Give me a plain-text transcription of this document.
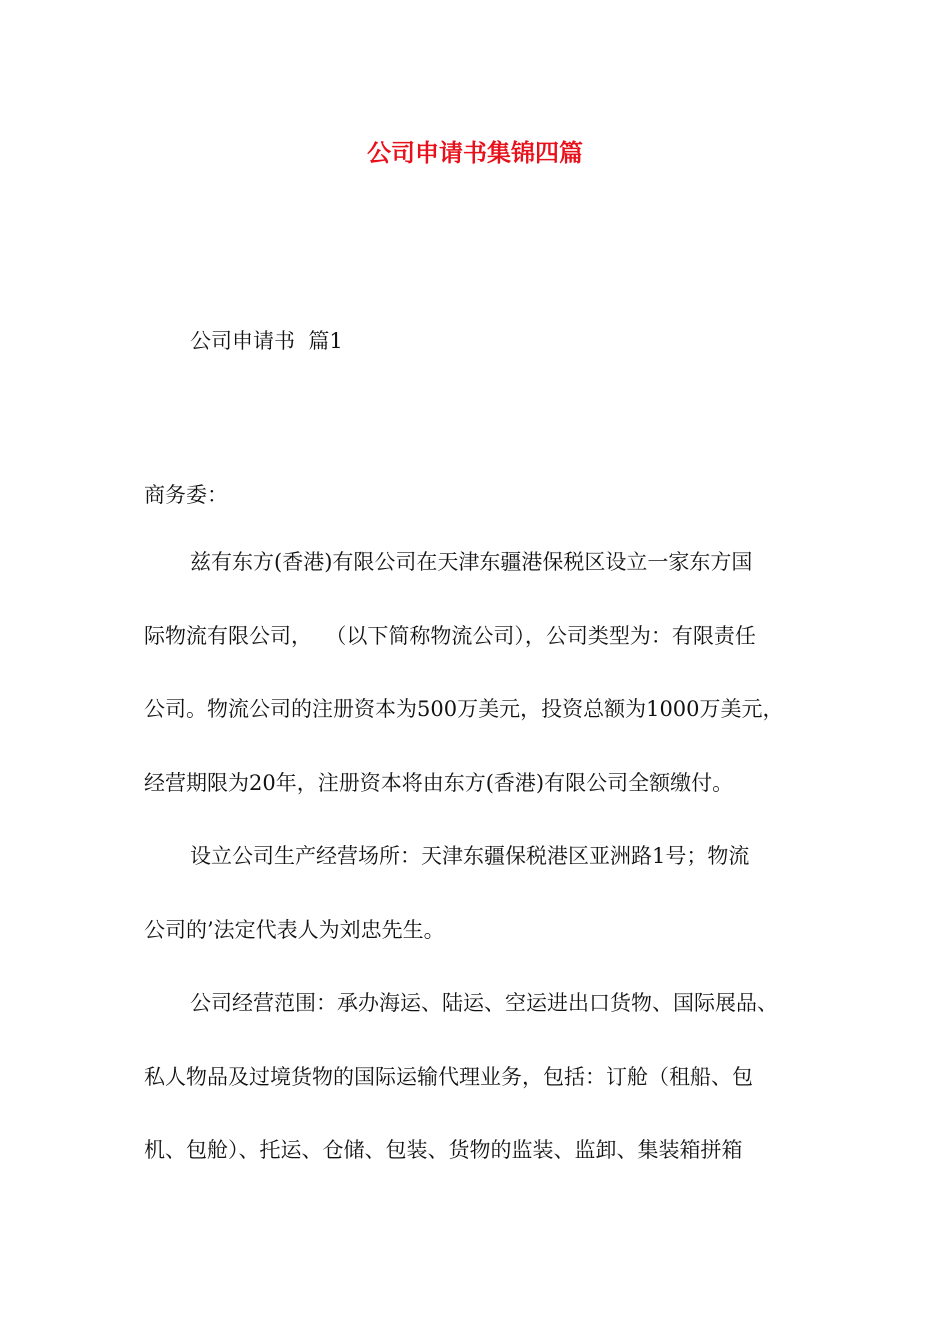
公司申请书集锦四篇
公司申请书  篇1
商务委：
兹有东方(香港)有限公司在天津东疆港保税区设立一家东方国
际物流有限公司，  （以下简称物流公司），公司类型为：有限责任
公司。物流公司的注册资本为500万美元，投资总额为1000万美元，
经营期限为20年，注册资本将由东方(香港)有限公司全额缴付。
设立公司生产经营场所：天津东疆保税港区亚洲路1号；物流
公司的’法定代表人为刘忠先生。
公司经营范围：承办海运、陆运、空运进出口货物、国际展品、
私人物品及过境货物的国际运输代理业务，包括：订舱（租船、包
机、包舱）、托运、仓储、包装、货物的监装、监卸、集装箱拼箱
